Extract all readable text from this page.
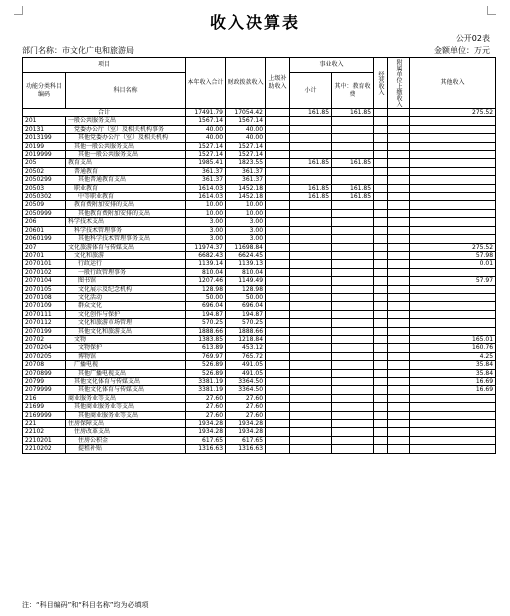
收入决算表
公开02表
部门名称：市文化广电和旅游局	金额单位：万元
项目		本年收入合计	财政拨款收入	上级补助收入	事业收入		经营收入	附属单位上缴收入	其他收入
功能分类科目编码	科目名称				小计	其中：教育收费			

合计		17491.79	17054.42		161.85	161.85			275.52
201	一般公共服务支出	1567.14	1567.14						
20131	党委办公厅（室）及相关机构事务	40.00	40.00						
2013199	其他党委办公厅（室）及相关机构	40.00	40.00						
20199	其他一般公共服务支出	1527.14	1527.14						
2019999	其他一般公共服务支出	1527.14	1527.14						
205	教育支出	1985.41	1823.55		161.85	161.85			
20502	普通教育	361.37	361.37						
2050299	其他普通教育支出	361.37	361.37						
20503	职业教育	1614.03	1452.18		161.85	161.85			
2050302	中等职业教育	1614.03	1452.18		161.85	161.85			
20509	教育费附加安排的支出	10.00	10.00						
2050999	其他教育费附加安排的支出	10.00	10.00						
206	科学技术支出	3.00	3.00						
20601	科学技术管理事务	3.00	3.00						
2060199	其他科学技术管理事务支出	3.00	3.00						
207	文化旅游体育与传媒支出	11974.37	11698.84						275.52
20701	文化和旅游	6682.43	6624.45						57.98
2070101	行政运行	1139.14	1139.13						0.01
2070102	一般行政管理事务	810.04	810.04						
2070104	图书馆	1207.46	1149.49						57.97
2070105	文化展示及纪念机构	128.98	128.98						
2070108	文化活动	50.00	50.00						
2070109	群众文化	696.04	696.04						
2070111	文化创作与保护	194.87	194.87						
2070112	文化和旅游市场管理	570.25	570.25						
2070199	其他文化和旅游支出	1888.66	1888.66						
20702	文物	1383.85	1218.84						165.01
2070204	文物保护	613.89	453.12						160.76
2070205	博物馆	769.97	765.72						4.25
20708	广播电视	526.89	491.05						35.84
2070899	其他广播电视支出	526.89	491.05						35.84
20799	其他文化体育与传媒支出	3381.19	3364.50						16.69
2079999	其他文化体育与传媒支出	3381.19	3364.50						16.69
216	商业服务业等支出	27.60	27.60						
21699	其他商业服务业等支出	27.60	27.60						
2169999	其他商业服务业等支出	27.60	27.60						
221	住房保障支出	1934.28	1934.28						
22102	住房改革支出	1934.28	1934.28						
2210201	住房公积金	617.65	617.65						
2210202	提租补贴	1316.63	1316.63						
注：“科目编码”和“科目名称”均为必填项
